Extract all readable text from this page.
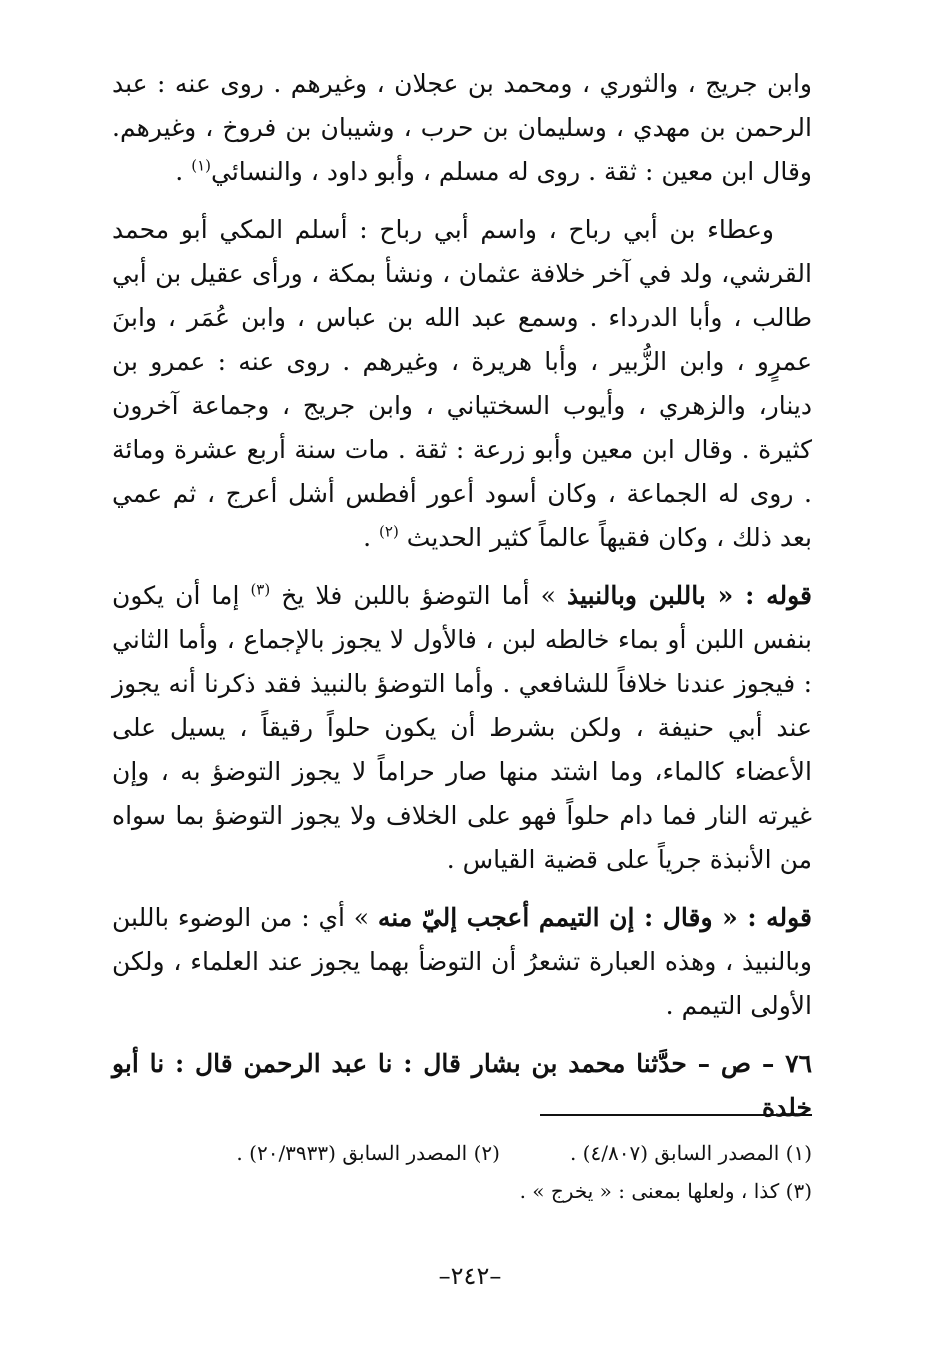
وابن جريج ، والثوري ، ومحمد بن عجلان ، وغيرهم . روى عنه : عبد الرحمن بن مهدي ، وسليمان بن حرب ، وشيبان بن فروخ ، وغيرهم. وقال ابن معين : ثقة . روى له مسلم ، وأبو داود ، والنسائي$^{(١)}$ .

وعطاء بن أبي رباح ، واسم أبي رباح : أسلم المكي أبو محمد القرشي، ولد في آخر خلافة عثمان ، ونشأ بمكة ، ورأى عقيل بن أبي طالب ، وأبا الدرداء . وسمع عبد الله بن عباس ، وابن عُمَر ، وابنَ عمرٍو ، وابن الزُّبير ، وأبا هريرة ، وغيرهم . روى عنه : عمرو بن دينار، والزهري ، وأيوب السختياني ، وابن جريج ، وجماعة آخرون كثيرة . وقال ابن معين وأبو زرعة : ثقة . مات سنة أربع عشرة ومائة . روى له الجماعة ، وكان أسود أعور أفطس أشل أعرج ، ثم عمي بعد ذلك ، وكان فقيهاً عالماً كثير الحديث $^{(٢)}$ .

قوله : « باللبن وبالنبيذ » أما التوضؤ باللبن فلا يخ $^{(٣)}$ إما أن يكون بنفس اللبن أو بماء خالطه لبن ، فالأول لا يجوز بالإجماع ، وأما الثاني : فيجوز عندنا خلافاً للشافعي . وأما التوضؤ بالنبيذ فقد ذكرنا أنه يجوز عند أبي حنيفة ، ولكن بشرط أن يكون حلواً رقيقاً ، يسيل على الأعضاء كالماء، وما اشتد منها صار حراماً لا يجوز التوضؤ به ، وإن غيرته النار فما دام حلواً فهو على الخلاف ولا يجوز التوضؤ بما سواه من الأنبذة جرياً على قضية القياس .

قوله : « وقال : إن التيمم أعجب إليّ منه » أي : من الوضوء باللبن وبالنبيذ ، وهذه العبارة تشعرُ أن التوضأ بهما يجوز عند العلماء ، ولكن الأولى التيمم .

٧٦ – ص – حدَّثنا محمد بن بشار قال : نا عبد الرحمن قال : نا أبو خلدة

(١) المصدر السابق (٤/٨٠٧) .(٢) المصدر السابق (٢٠/٣٩٣٣) .
(٣) كذا ، ولعلها بمعنى : « يخرج » .
–٢٤٢–
